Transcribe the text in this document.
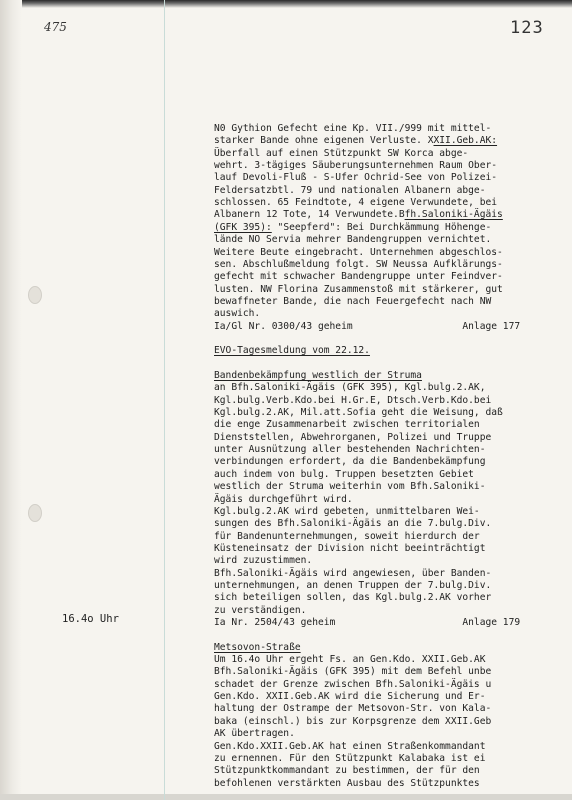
475	123
16.4o Uhr
N0 Gythion Gefecht eine Kp. VII./999 mit mittel-
starker Bande ohne eigenen Verluste. XXII.Geb.AK:
Überfall auf einen Stützpunkt SW Korca abge-
wehrt. 3-tägiges Säuberungsunternehmen Raum Ober-
lauf Devoli-Fluß - S-Ufer Ochrid-See von Polizei-
Feldersatzbtl. 79 und nationalen Albanern abge-
schlossen. 65 Feindtote, 4 eigene Verwundete, bei
Albanern 12 Tote, 14 Verwundete.Bfh.Saloniki-Ägäis
(GFK 395): "Seepferd": Bei Durchkämmung Höhenge-
lände NO Servia mehrer Bandengruppen vernichtet.
Weitere Beute eingebracht. Unternehmen abgeschlos-
sen. Abschlußmeldung folgt. SW Neussa Aufklärungs-
gefecht mit schwacher Bandengruppe unter Feindver-
lusten. NW Florina Zusammenstoß mit stärkerer, gut
bewaffneter Bande, die nach Feuergefecht nach NW
auswich.
Ia/Gl Nr. 0300/43 geheim                   Anlage 177
EVO-Tagesmeldung vom 22.12.
Bandenbekämpfung westlich der Struma
an Bfh.Saloniki-Ägäis (GFK 395), Kgl.bulg.2.AK,
Kgl.bulg.Verb.Kdo.bei H.Gr.E, Dtsch.Verb.Kdo.bei
Kgl.bulg.2.AK, Mil.att.Sofia geht die Weisung, daß
die enge Zusammenarbeit zwischen territorialen
Dienststellen, Abwehrorganen, Polizei und Truppe
unter Ausnützung aller bestehenden Nachrichten-
verbindungen erfordert, da die Bandenbekämpfung
auch indem von bulg. Truppen besetzten Gebiet
westlich der Struma weiterhin vom Bfh.Saloniki-
Ägäis durchgeführt wird.
Kgl.bulg.2.AK wird gebeten, unmittelbaren Wei-
sungen des Bfh.Saloniki-Ägäis an die 7.bulg.Div.
für Bandenunternehmungen, soweit hierdurch der
Küsteneinsatz der Division nicht beeinträchtigt
wird zuzustimmen.
Bfh.Saloniki-Ägäis wird angewiesen, über Banden-
unternehmungen, an denen Truppen der 7.bulg.Div.
sich beteiligen sollen, das Kgl.bulg.2.AK vorher
zu verständigen.
Ia Nr. 2504/43 geheim                      Anlage 179
Metsovon-Straße
Um 16.4o Uhr ergeht Fs. an Gen.Kdo. XXII.Geb.AK
Bfh.Saloniki-Ägäis (GFK 395) mit dem Befehl unbe
schadet der Grenze zwischen Bfh.Saloniki-Ägäis u
Gen.Kdo. XXII.Geb.AK wird die Sicherung und Er-
haltung der Ostrampe der Metsovon-Str. von Kala-
baka (einschl.) bis zur Korpsgrenze dem XXII.Geb
AK übertragen.
Gen.Kdo.XXII.Geb.AK hat einen Straßenkommandant
zu ernennen. Für den Stützpunkt Kalabaka ist ei
Stützpunktkommandant zu bestimmen, der für den
befohlenen verstärkten Ausbau des Stützpunktes
